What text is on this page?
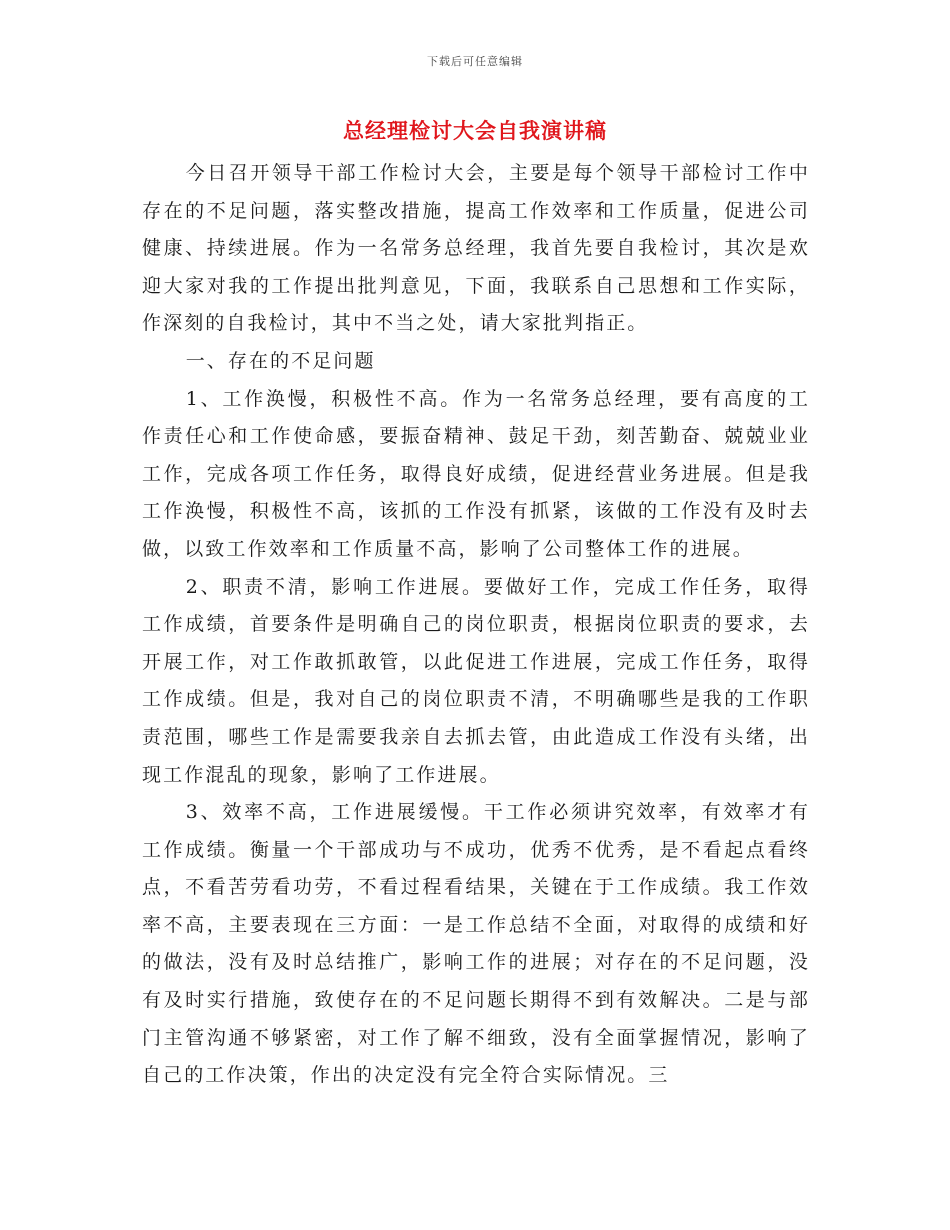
下载后可任意编辑
总经理检讨大会自我演讲稿

今日召开领导干部工作检讨大会，主要是每个领导干部检讨工作中存在的不足问题，落实整改措施，提高工作效率和工作质量，促进公司健康、持续进展。作为一名常务总经理，我首先要自我检讨，其次是欢迎大家对我的工作提出批判意见，下面，我联系自己思想和工作实际，作深刻的自我检讨，其中不当之处，请大家批判指正。

一、存在的不足问题

1、工作涣慢，积极性不高。作为一名常务总经理，要有高度的工作责任心和工作使命感，要振奋精神、鼓足干劲，刻苦勤奋、兢兢业业工作，完成各项工作任务，取得良好成绩，促进经营业务进展。但是我工作涣慢，积极性不高，该抓的工作没有抓紧，该做的工作没有及时去做，以致工作效率和工作质量不高，影响了公司整体工作的进展。

2、职责不清，影响工作进展。要做好工作，完成工作任务，取得工作成绩，首要条件是明确自己的岗位职责，根据岗位职责的要求，去开展工作，对工作敢抓敢管，以此促进工作进展，完成工作任务，取得工作成绩。但是，我对自己的岗位职责不清，不明确哪些是我的工作职责范围，哪些工作是需要我亲自去抓去管，由此造成工作没有头绪，出现工作混乱的现象，影响了工作进展。

3、效率不高，工作进展缓慢。干工作必须讲究效率，有效率才有工作成绩。衡量一个干部成功与不成功，优秀不优秀，是不看起点看终点，不看苦劳看功劳，不看过程看结果，关键在于工作成绩。我工作效率不高，主要表现在三方面：一是工作总结不全面，对取得的成绩和好的做法，没有及时总结推广，影响工作的进展；对存在的不足问题，没有及时实行措施，致使存在的不足问题长期得不到有效解决。二是与部门主管沟通不够紧密，对工作了解不细致，没有全面掌握情况，影响了自己的工作决策，作出的决定没有完全符合实际情况。三
